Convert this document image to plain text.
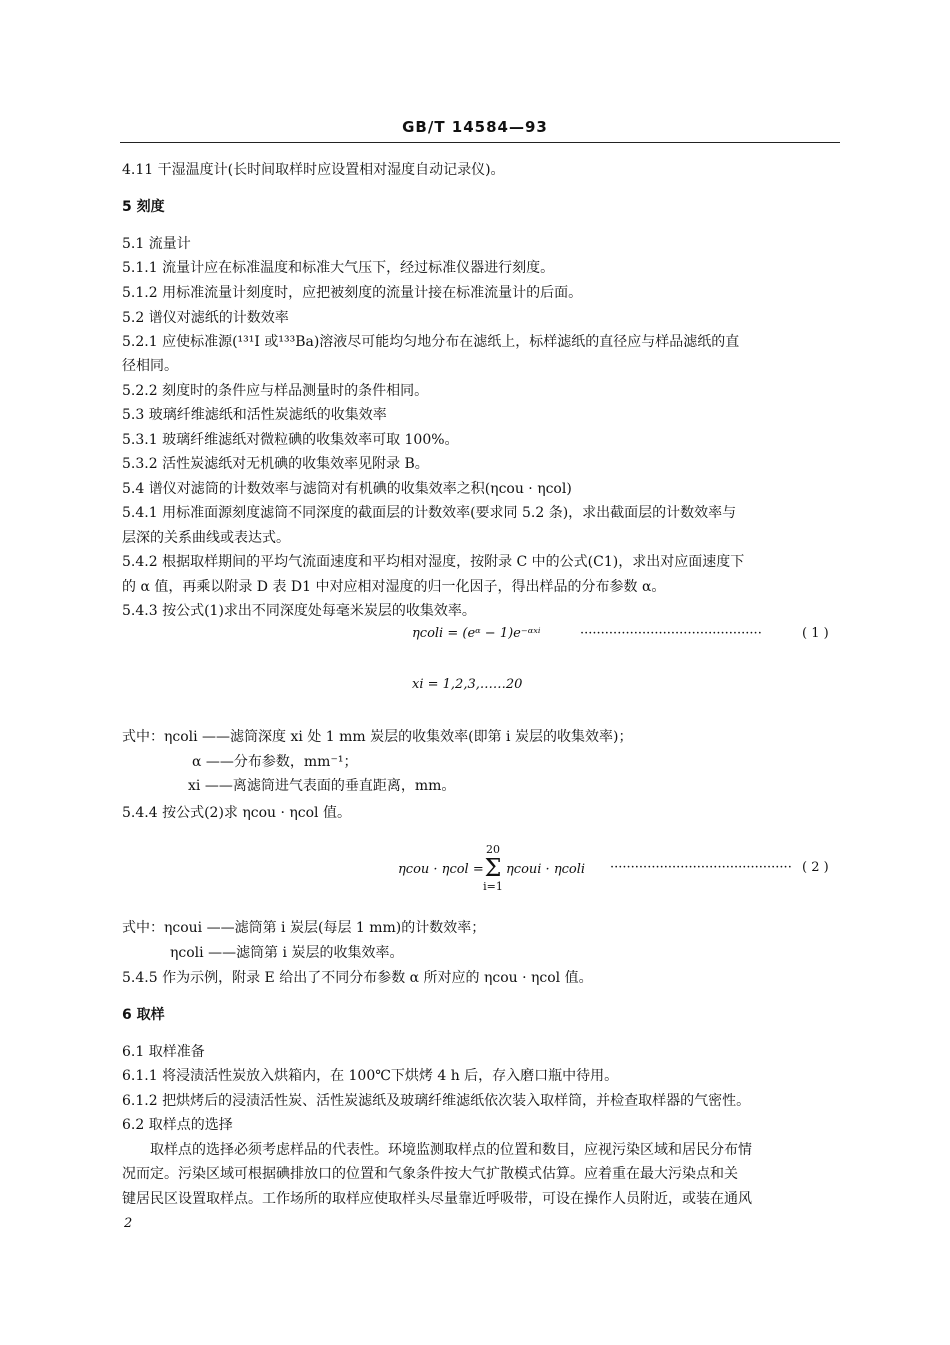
GB/T 14584—93
4.11 干湿温度计(长时间取样时应设置相对湿度自动记录仪)。
5 刻度
5.1 流量计
5.1.1 流量计应在标准温度和标准大气压下，经过标准仪器进行刻度。
5.1.2 用标准流量计刻度时，应把被刻度的流量计接在标准流量计的后面。
5.2 谱仪对滤纸的计数效率
5.2.1 应使标准源(¹³¹I 或¹³³Ba)溶液尽可能均匀地分布在滤纸上，标样滤纸的直径应与样品滤纸的直
径相同。
5.2.2 刻度时的条件应与样品测量时的条件相同。
5.3 玻璃纤维滤纸和活性炭滤纸的收集效率
5.3.1 玻璃纤维滤纸对微粒碘的收集效率可取 100%。
5.3.2 活性炭滤纸对无机碘的收集效率见附录 B。
5.4 谱仪对滤筒的计数效率与滤筒对有机碘的收集效率之积(ηcou · ηcol)
5.4.1 用标准面源刻度滤筒不同深度的截面层的计数效率(要求同 5.2 条)，求出截面层的计数效率与
层深的关系曲线或表达式。
5.4.2 根据取样期间的平均气流面速度和平均相对湿度，按附录 C 中的公式(C1)，求出对应面速度下
的 α 值，再乘以附录 D 表 D1 中对应相对湿度的归一化因子，得出样品的分布参数 α。
5.4.3 按公式(1)求出不同深度处每毫米炭层的收集效率。
ηcoli = (eᵅ − 1)e⁻ᵅˣⁱ	············································	( 1 )
xi = 1,2,3,……20
式中：ηcoli ——滤筒深度 xi 处 1 mm 炭层的收集效率(即第 i 炭层的收集效率)；
α ——分布参数，mm⁻¹；
xi ——离滤筒进气表面的垂直距离，mm。
5.4.4 按公式(2)求 ηcou · ηcol 值。
ηcou · ηcol =
20
Σ
i=1
ηcoui · ηcoli ············································ ( 2 )
式中：ηcoui ——滤筒第 i 炭层(每层 1 mm)的计数效率；
ηcoli ——滤筒第 i 炭层的收集效率。
5.4.5 作为示例，附录 E 给出了不同分布参数 α 所对应的 ηcou · ηcol 值。
6 取样
6.1 取样准备
6.1.1 将浸渍活性炭放入烘箱内，在 100℃下烘烤 4 h 后，存入磨口瓶中待用。
6.1.2 把烘烤后的浸渍活性炭、活性炭滤纸及玻璃纤维滤纸依次装入取样筒，并检查取样器的气密性。
6.2 取样点的选择
取样点的选择必须考虑样品的代表性。环境监测取样点的位置和数目，应视污染区域和居民分布情
况而定。污染区域可根据碘排放口的位置和气象条件按大气扩散模式估算。应着重在最大污染点和关
键居民区设置取样点。工作场所的取样应使取样头尽量靠近呼吸带，可设在操作人员附近，或装在通风
2
